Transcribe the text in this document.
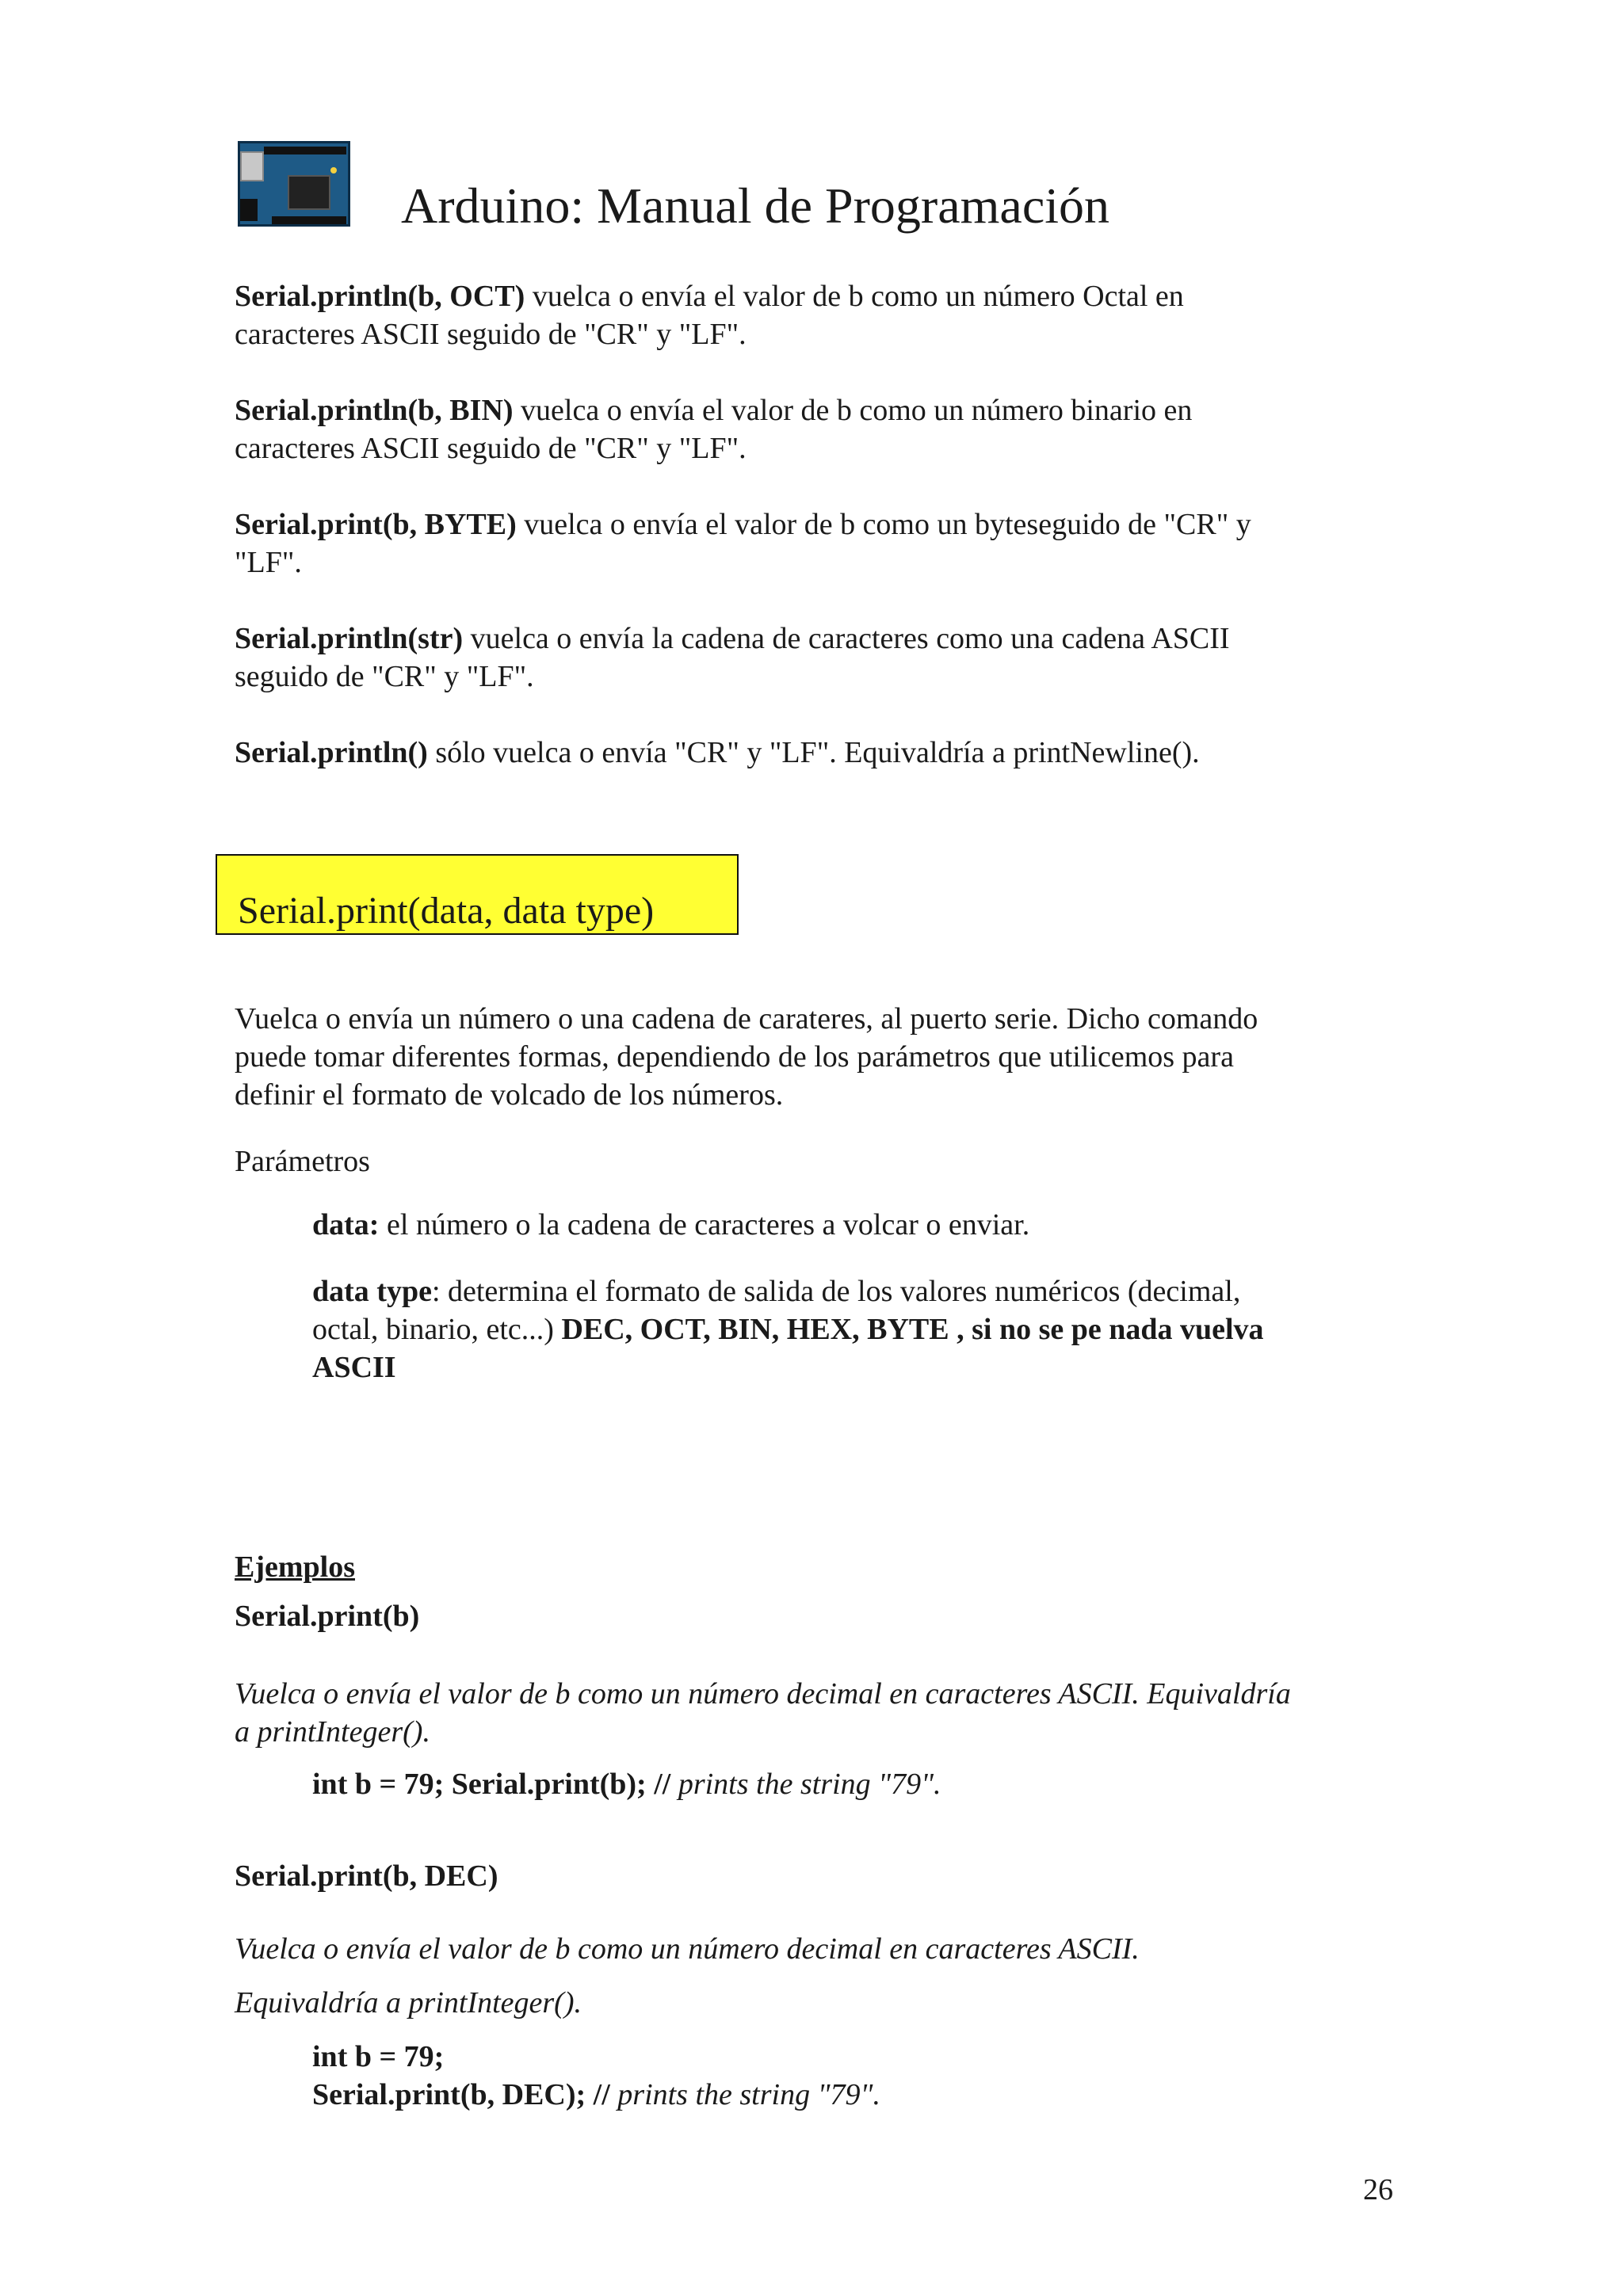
Arduino: Manual de Programación

Serial.println(b, OCT) vuelca o envía el valor de b como un número Octal en
caracteres ASCII seguido de "CR" y "LF".

Serial.println(b, BIN) vuelca o envía el valor de b como un número binario en
caracteres ASCII seguido de "CR" y "LF".

Serial.print(b, BYTE) vuelca o envía el valor de b como un byteseguido de "CR" y
"LF".

Serial.println(str) vuelca o envía la cadena de caracteres como una cadena ASCII
seguido de "CR" y "LF".

Serial.println() sólo vuelca o envía "CR" y "LF". Equivaldría a printNewline().

Serial.print(data, data type)

Vuelca o envía un número o una cadena de carateres, al puerto serie. Dicho comando
puede tomar diferentes formas, dependiendo de los parámetros que utilicemos para
definir el formato de volcado de los números.

Parámetros

data: el número o la cadena de caracteres a volcar o enviar.

data type: determina el formato de salida de los valores numéricos (decimal,
octal, binario, etc...) DEC, OCT, BIN, HEX, BYTE , si no se pe nada vuelva
ASCII

Ejemplos

Serial.print(b)

Vuelca o envía el valor de b como un número decimal en caracteres ASCII. Equivaldría
a printInteger().

int b = 79; Serial.print(b); // prints the string "79".

Serial.print(b, DEC)

Vuelca o envía el valor de b como un número decimal en caracteres ASCII.

Equivaldría a printInteger().

int b = 79;
Serial.print(b, DEC); // prints the string "79".

26
